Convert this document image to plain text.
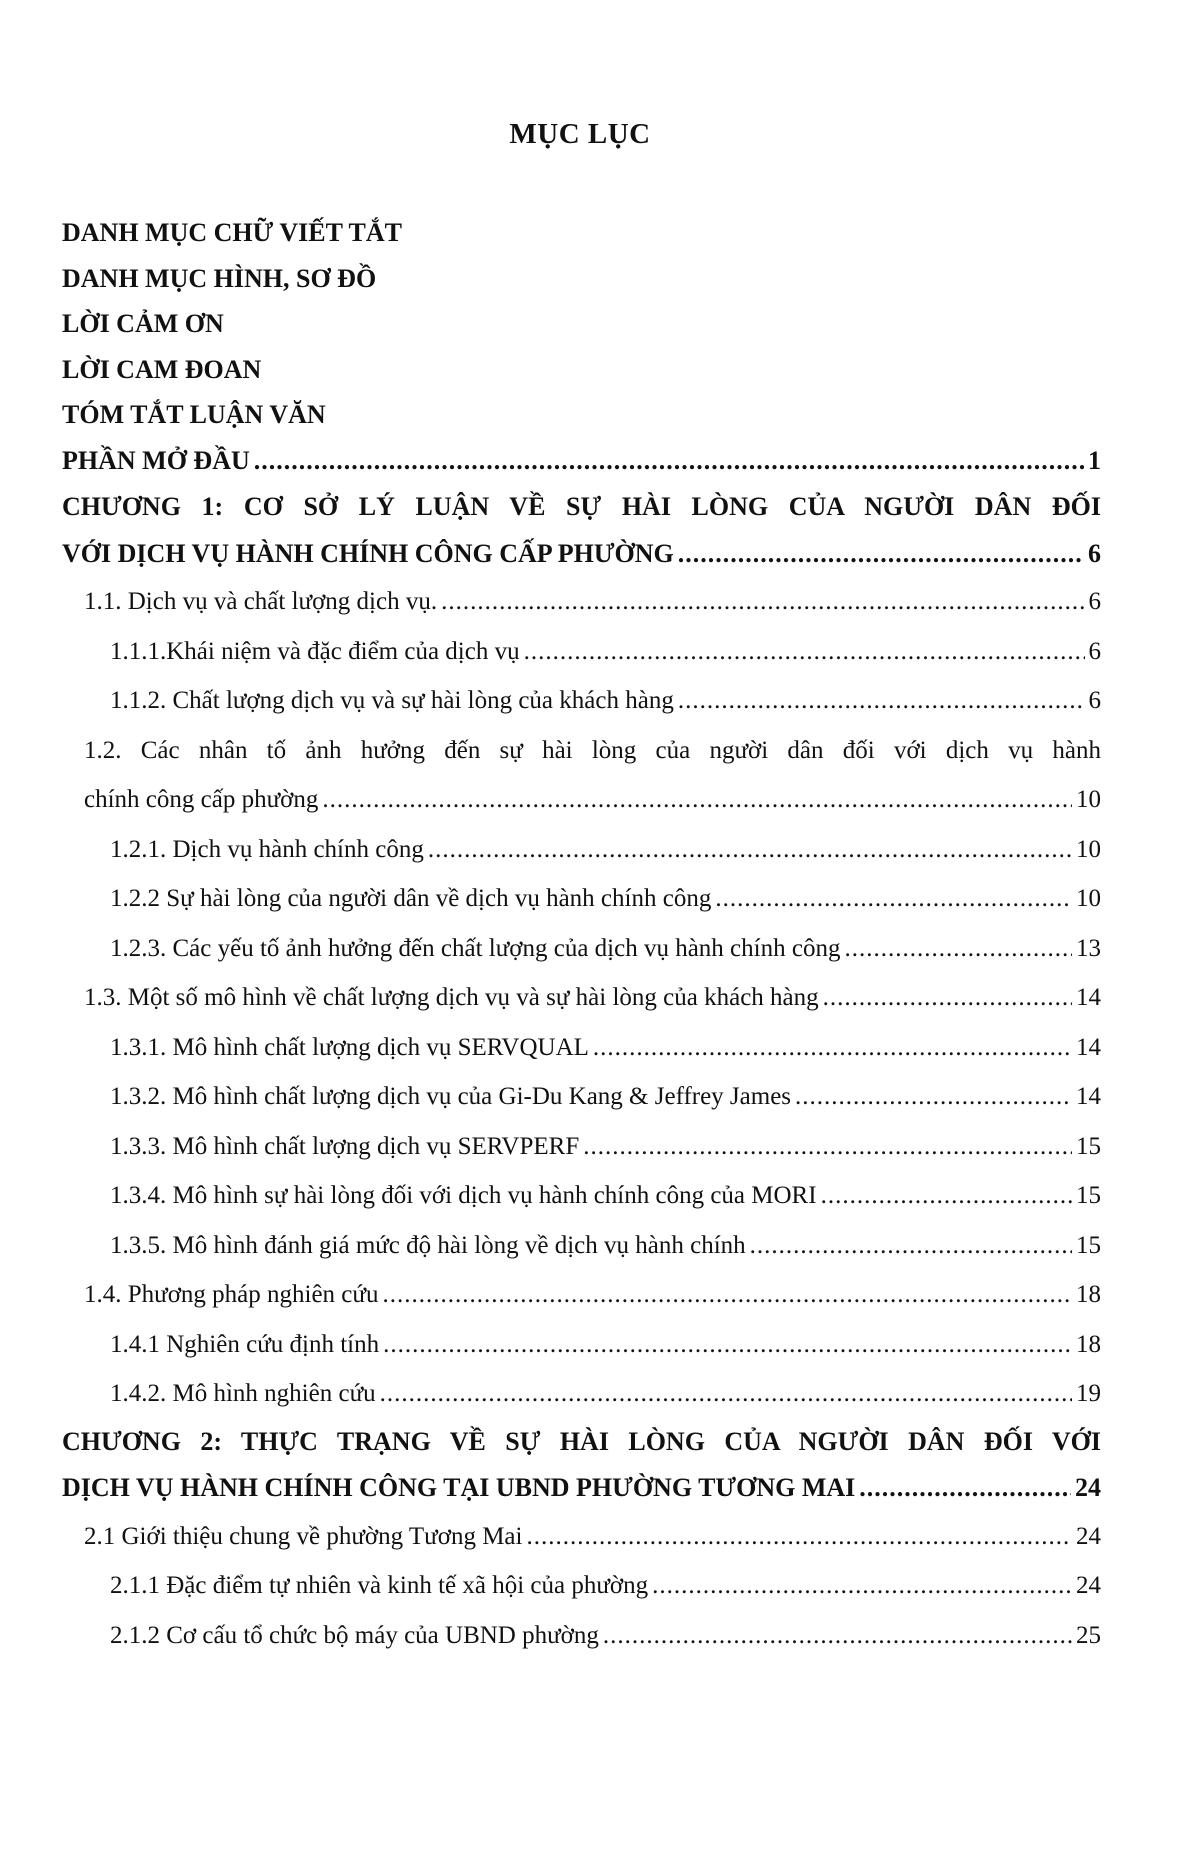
MỤC LỤC
DANH MỤC CHỮ VIẾT TẮT
DANH MỤC HÌNH, SƠ ĐỒ
LỜI CẢM ƠN
LỜI CAM ĐOAN
TÓM TẮT LUẬN VĂN
PHẦN MỞ ĐẦU .....	1
CHƯƠNG 1: CƠ SỞ LÝ LUẬN VỀ SỰ HÀI LÒNG CỦA NGƯỜI DÂN ĐỐI
VỚI DỊCH VỤ HÀNH CHÍNH CÔNG CẤP PHƯỜNG .....	6
1.1. Dịch vụ và chất lượng dịch vụ. .....	6
1.1.1.Khái niệm và đặc điểm của dịch vụ .....	6
1.1.2. Chất lượng dịch vụ và sự hài lòng của khách hàng .....	6
1.2. Các nhân tố ảnh hưởng đến sự hài lòng của người dân đối với dịch vụ hành
chính công cấp phường .....	10
1.2.1. Dịch vụ hành chính công .....	10
1.2.2 Sự hài lòng của người dân về dịch vụ hành chính công .....	10
1.2.3. Các yếu tố ảnh hưởng đến chất lượng của dịch vụ hành chính công .....	13
1.3. Một số mô hình về chất lượng dịch vụ và sự hài lòng của khách hàng .....	14
1.3.1. Mô hình chất lượng dịch vụ SERVQUAL .....	14
1.3.2. Mô hình chất lượng dịch vụ của Gi-Du Kang & Jeffrey James .....	14
1.3.3. Mô hình chất lượng dịch vụ SERVPERF .....	15
1.3.4. Mô hình sự hài lòng đối với dịch vụ hành chính công của MORI .....	15
1.3.5. Mô hình đánh giá mức độ hài lòng về dịch vụ hành chính .....	15
1.4. Phương pháp nghiên cứu .....	18
1.4.1 Nghiên cứu định tính .....	18
1.4.2. Mô hình nghiên cứu .....	19
CHƯƠNG 2: THỰC TRẠNG VỀ SỰ HÀI LÒNG CỦA NGƯỜI DÂN ĐỐI VỚI
DỊCH VỤ HÀNH CHÍNH CÔNG TẠI UBND PHƯỜNG TƯƠNG MAI .....	24
2.1 Giới thiệu chung về phường Tương Mai .....	24
2.1.1 Đặc điểm tự nhiên và kinh tế xã hội của phường .....	24
2.1.2 Cơ cấu tổ chức bộ máy của UBND phường .....	25
